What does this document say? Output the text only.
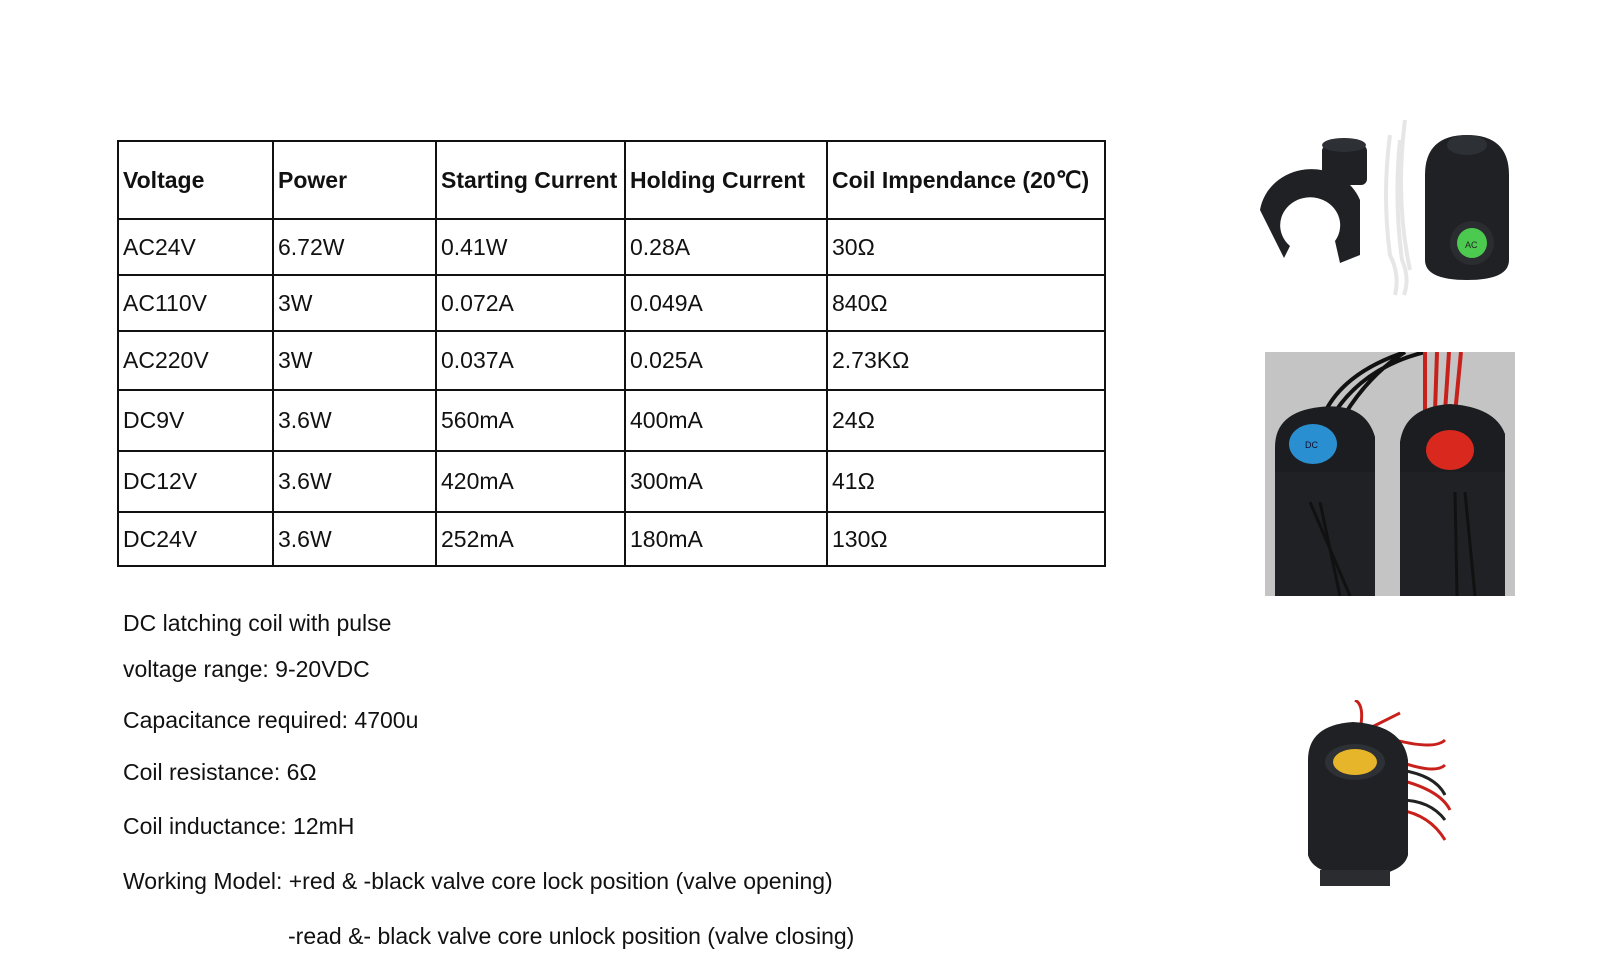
Voltage	Power	Starting Current	Holding Current	Coil Impendance (20℃)
AC24V	6.72W	0.41W	0.28A	30Ω
AC110V	3W	0.072A	0.049A	840Ω
AC220V	3W	0.037A	0.025A	2.73KΩ
DC9V	3.6W	560mA	400mA	24Ω
DC12V	3.6W	420mA	300mA	41Ω
DC24V	3.6W	252mA	180mA	130Ω
DC latching coil with pulse
voltage range: 9-20VDC
Capacitance required: 4700u
Coil resistance: 6Ω
Coil inductance: 12mH
Working Model: +red & -black valve core lock position (valve opening)
-read &- black valve core unlock position (valve closing)
AC
DC
